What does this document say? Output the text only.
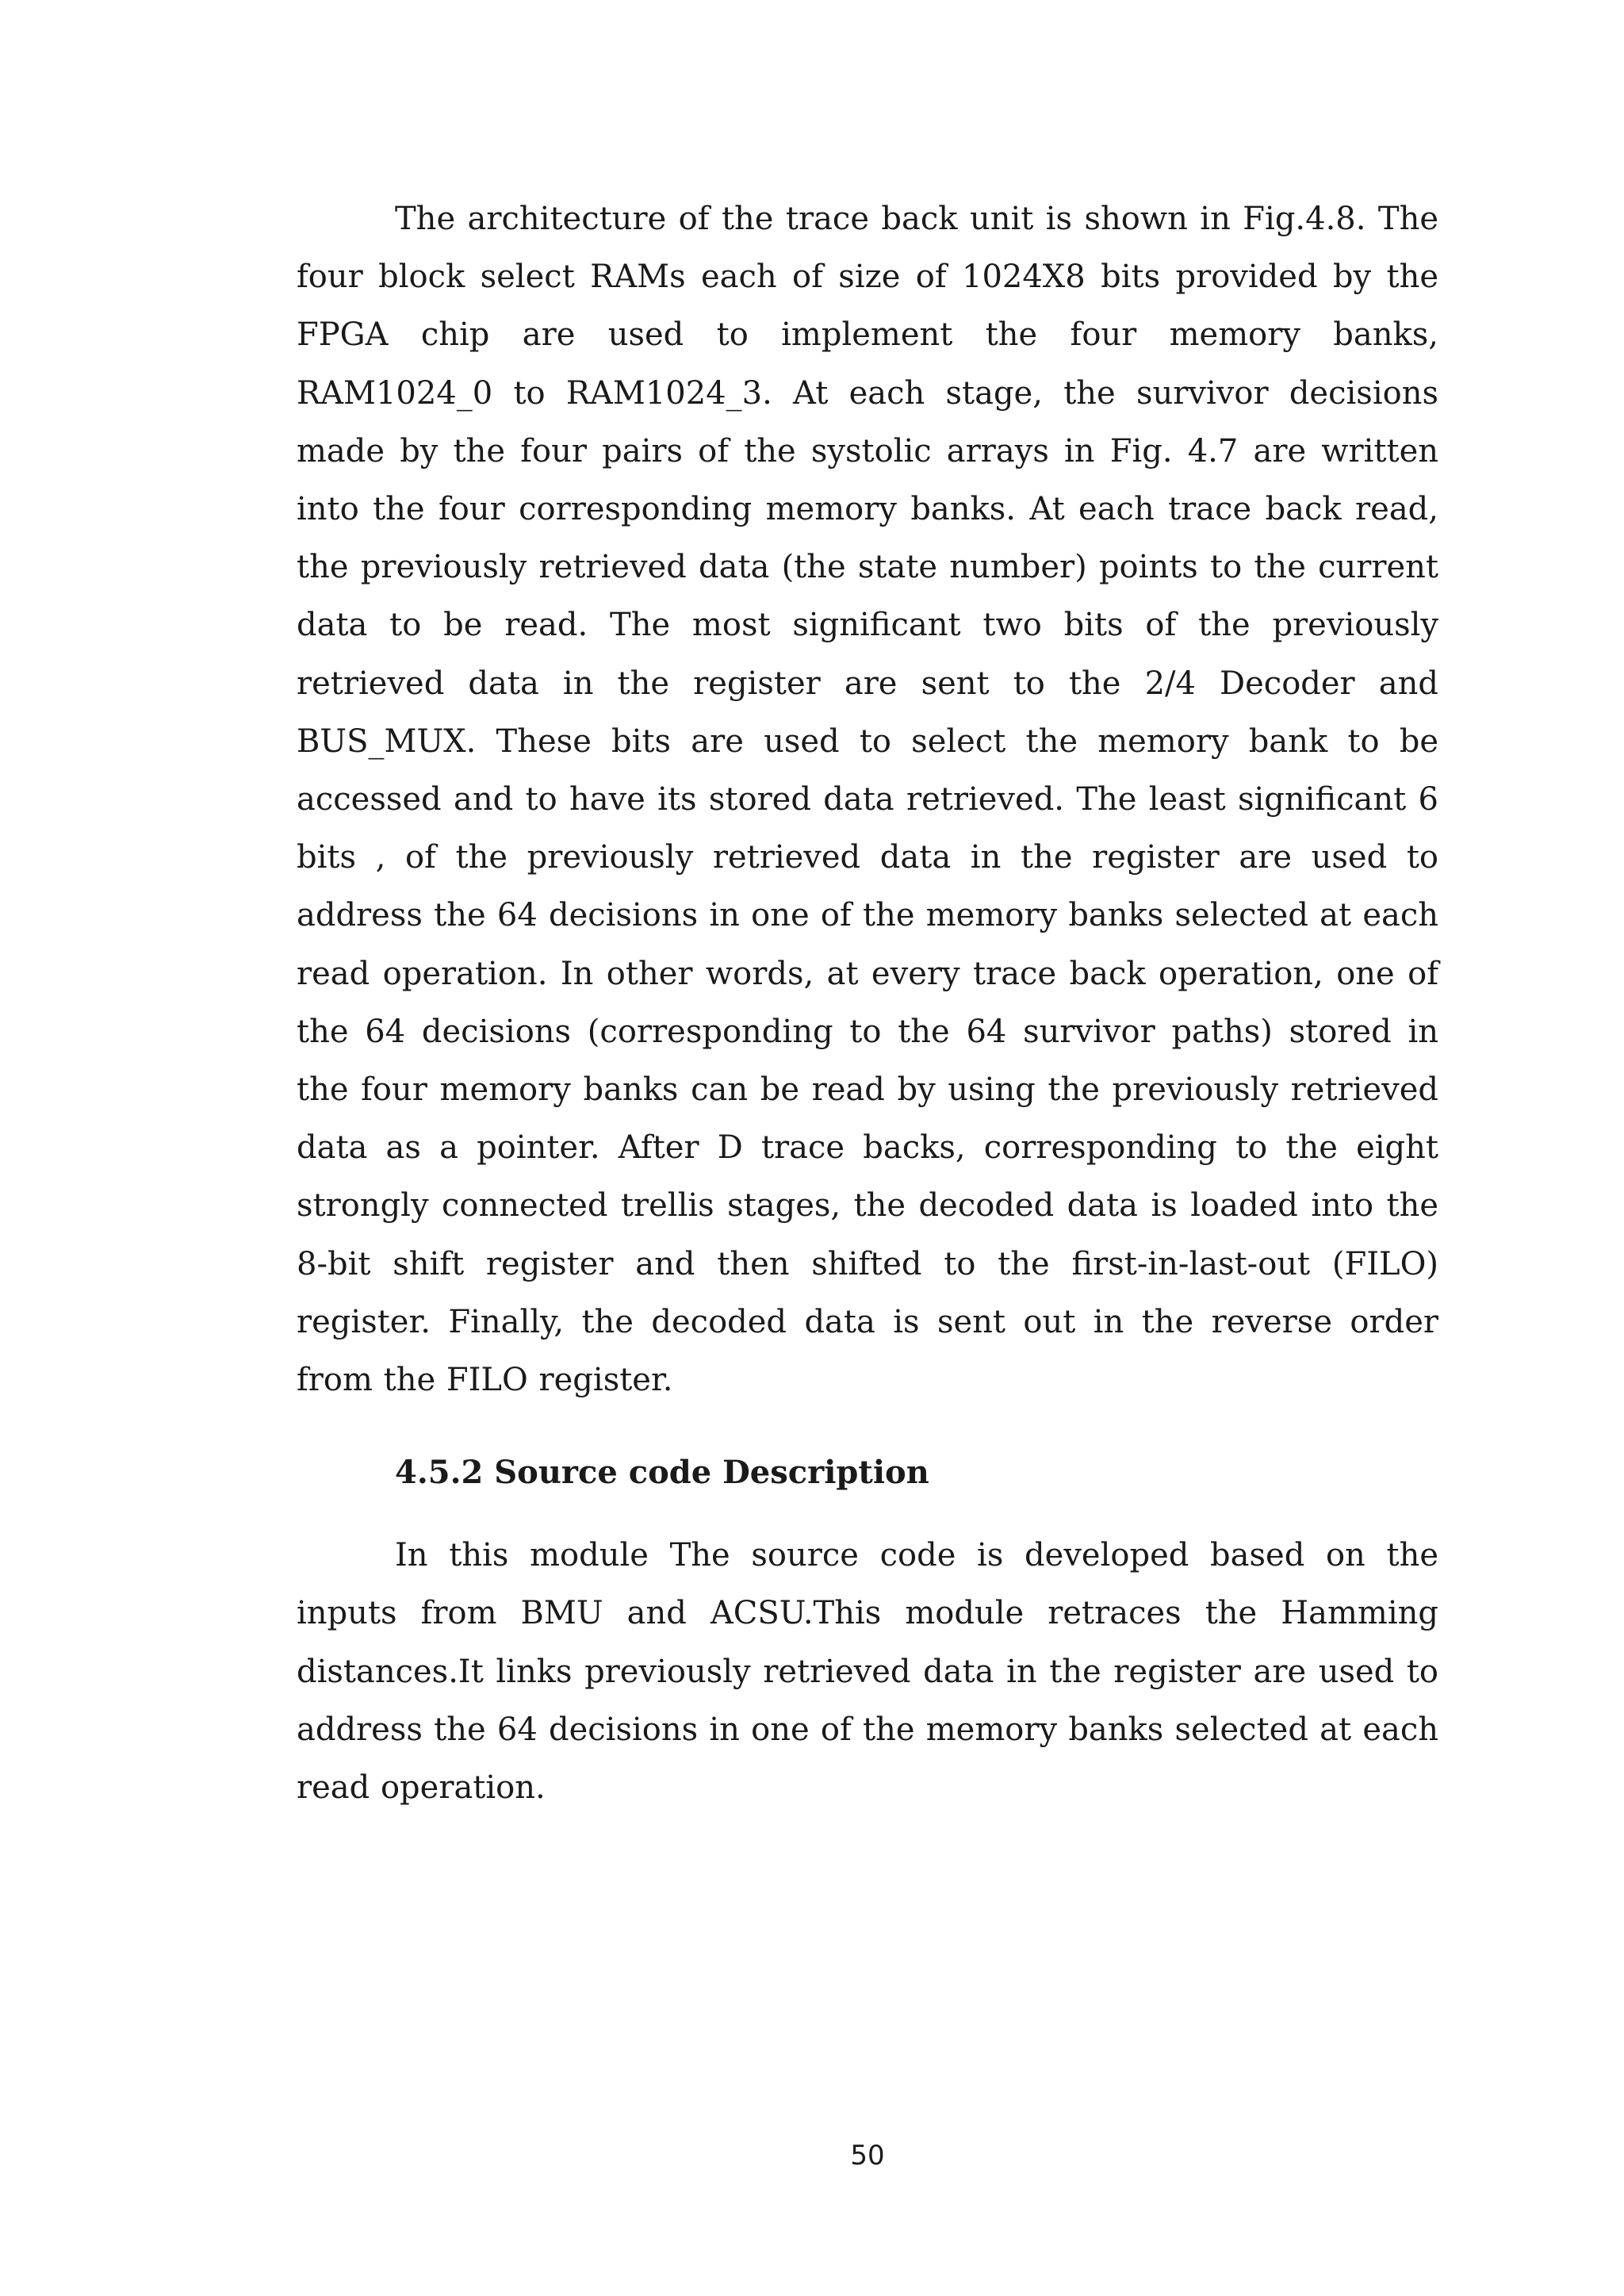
The architecture of the trace back unit is shown in Fig.4.8. The four block select RAMs each of size of 1024X8 bits provided by the FPGA chip are used to implement the four memory banks, RAM1024_0 to RAM1024_3. At each stage, the survivor decisions made by the four pairs of the systolic arrays in Fig. 4.7 are written into the four corresponding memory banks. At each trace back read, the previously retrieved data (the state number) points to the current data to be read. The most significant two bits of the previously retrieved data in the register are sent to the 2/4 Decoder and BUS_MUX. These bits are used to select the memory bank to be accessed and to have its stored data retrieved. The least significant 6 bits , of the previously retrieved data in the register are used to address the 64 decisions in one of the memory banks selected at each read operation. In other words, at every trace back operation, one of the 64 decisions (corresponding to the 64 survivor paths) stored in the four memory banks can be read by using the previously retrieved data as a pointer. After D trace backs, corresponding to the eight strongly connected trellis stages, the decoded data is loaded into the 8-bit shift register and then shifted to the first-in-last-out (FILO) register. Finally, the decoded data is sent out in the reverse order from the FILO register.

4.5.2 Source code Description

In this module The source code is developed based on the inputs from BMU and ACSU.This module retraces the Hamming distances.It links previously retrieved data in the register are used to address the 64 decisions in one of the memory banks selected at each read operation.

50
